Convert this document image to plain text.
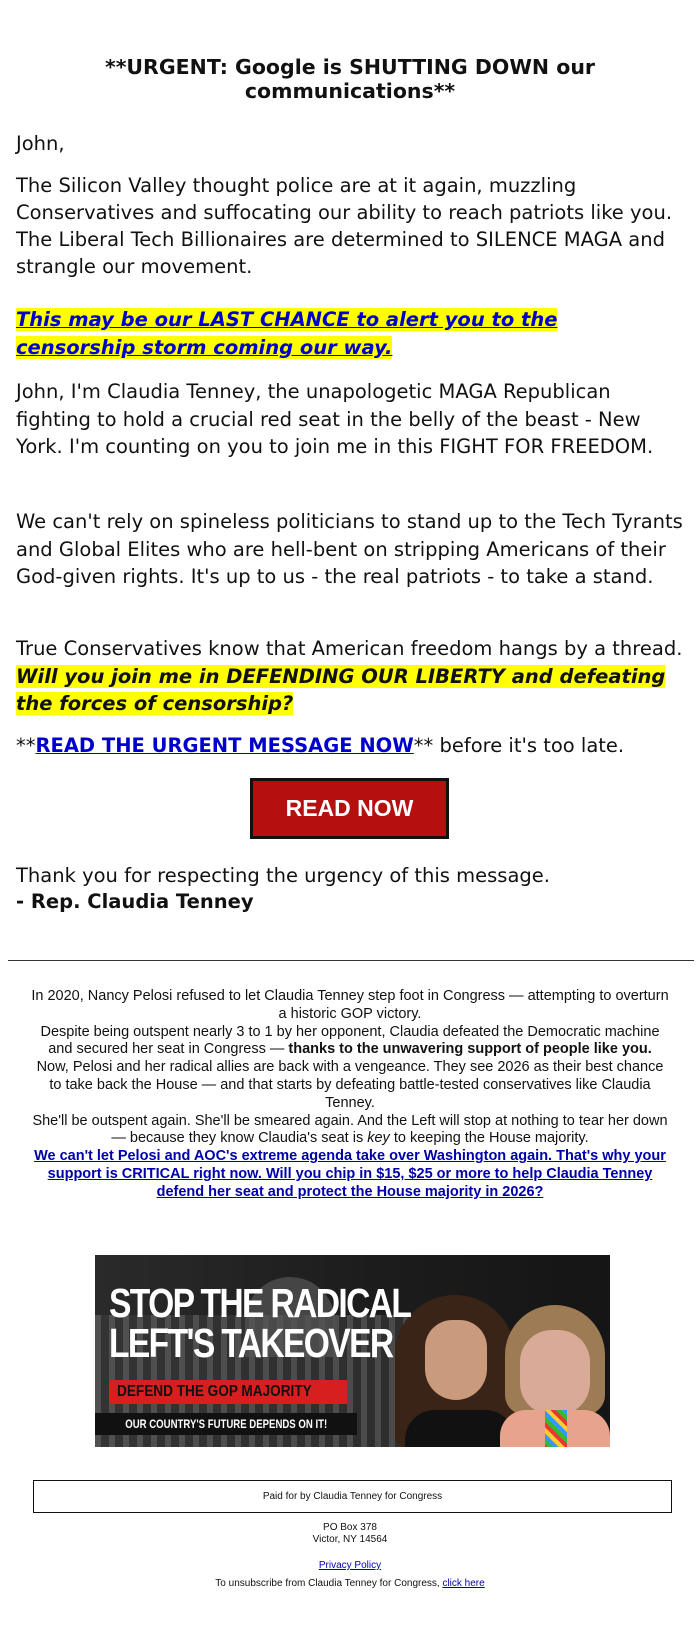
**URGENT: Google is SHUTTING DOWN our communications**

John,

The Silicon Valley thought police are at it again, muzzling Conservatives and suffocating our ability to reach patriots like you. The Liberal Tech Billionaires are determined to SILENCE MAGA and strangle our movement.

This may be our LAST CHANCE to alert you to the censorship storm coming our way.

John, I'm Claudia Tenney, the unapologetic MAGA Republican fighting to hold a crucial red seat in the belly of the beast - New York. I'm counting on you to join me in this FIGHT FOR FREEDOM.

We can't rely on spineless politicians to stand up to the Tech Tyrants and Global Elites who are hell-bent on stripping Americans of their God-given rights. It's up to us - the real patriots - to take a stand.

True Conservatives know that American freedom hangs by a thread. Will you join me in DEFENDING OUR LIBERTY and defeating the forces of censorship?

**READ THE URGENT MESSAGE NOW** before it's too late.

READ NOW

Thank you for respecting the urgency of this message.

- Rep. Claudia Tenney

In 2020, Nancy Pelosi refused to let Claudia Tenney step foot in Congress — attempting to overturn a historic GOP victory.
Despite being outspent nearly 3 to 1 by her opponent, Claudia defeated the Democratic machine and secured her seat in Congress — thanks to the unwavering support of people like you.
Now, Pelosi and her radical allies are back with a vengeance. They see 2026 as their best chance to take back the House — and that starts by defeating battle-tested conservatives like Claudia Tenney.
She'll be outspent again. She'll be smeared again. And the Left will stop at nothing to tear her down — because they know Claudia's seat is key to keeping the House majority.
We can't let Pelosi and AOC's extreme agenda take over Washington again. That's why your support is CRITICAL right now. Will you chip in $15, $25 or more to help Claudia Tenney defend her seat and protect the House majority in 2026?
STOP THE RADICAL
LEFT'S TAKEOVER
DEFEND THE GOP MAJORITY
OUR COUNTRY'S FUTURE DEPENDS ON IT!
Paid for by Claudia Tenney for Congress
PO Box 378
Victor, NY 14564
Privacy Policy
To unsubscribe from Claudia Tenney for Congress, click here
